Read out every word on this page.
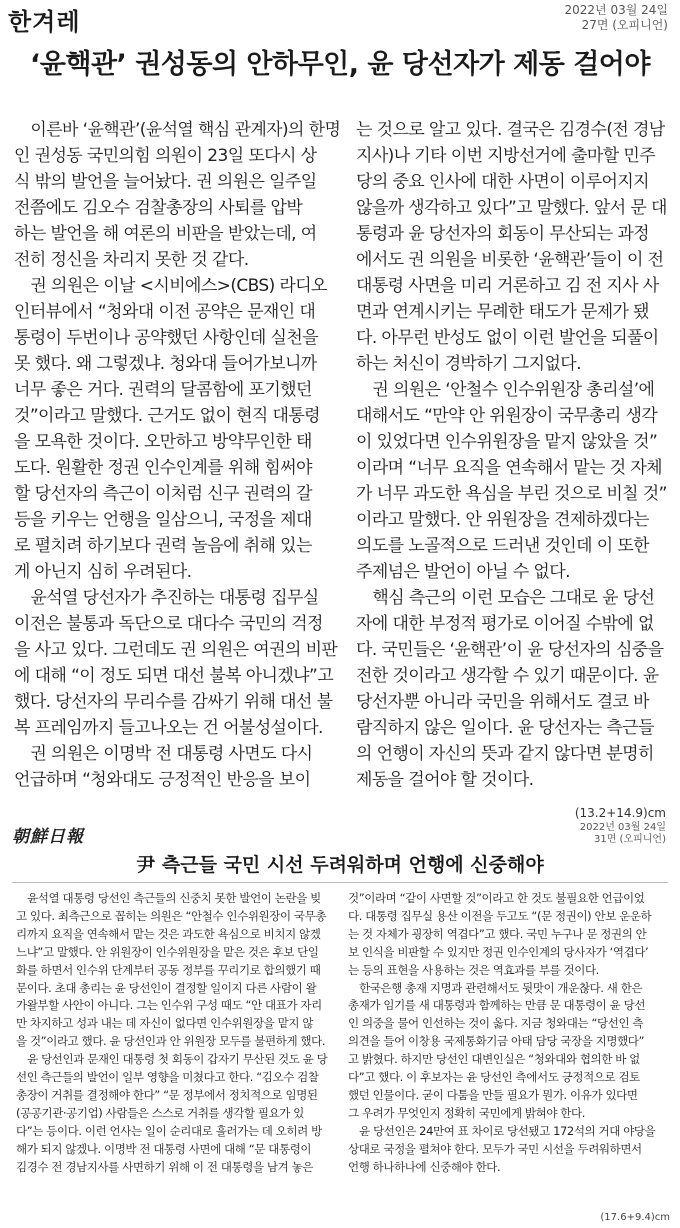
한겨레	2022년 03월 24일
27면 (오피니언)
‘윤핵관’ 권성동의 안하무인, 윤 당선자가 제동 걸어야

　이른바 ‘윤핵관’(윤석열 핵심 관계자)의 한명

인 권성동 국민의힘 의원이 23일 또다시 상

식 밖의 발언을 늘어놨다. 권 의원은 일주일

전쯤에도 김오수 검찰총장의 사퇴를 압박

하는 발언을 해 여론의 비판을 받았는데, 여

전히 정신을 차리지 못한 것 같다.

　권 의원은 이날 <시비에스>(CBS) 라디오

인터뷰에서 “청와대 이전 공약은 문재인 대

통령이 두번이나 공약했던 사항인데 실천을

못 했다. 왜 그렇겠냐. 청와대 들어가보니까

너무 좋은 거다. 권력의 달콤함에 포기했던

것”이라고 말했다. 근거도 없이 현직 대통령

을 모욕한 것이다. 오만하고 방약무인한 태

도다. 원활한 정권 인수인계를 위해 힘써야

할 당선자의 측근이 이처럼 신구 권력의 갈

등을 키우는 언행을 일삼으니, 국정을 제대

로 펼치려 하기보다 권력 놀음에 취해 있는

게 아닌지 심히 우려된다.

　윤석열 당선자가 추진하는 대통령 집무실

이전은 불통과 독단으로 대다수 국민의 걱정

을 사고 있다. 그런데도 권 의원은 여권의 비판

에 대해 “이 정도 되면 대선 불복 아니겠냐”고

했다. 당선자의 무리수를 감싸기 위해 대선 불

복 프레임까지 들고나오는 건 어불성설이다.

　권 의원은 이명박 전 대통령 사면도 다시

언급하며 “청와대도 긍정적인 반응을 보이

는 것으로 알고 있다. 결국은 김경수(전 경남

지사)나 기타 이번 지방선거에 출마할 민주

당의 중요 인사에 대한 사면이 이루어지지

않을까 생각하고 있다”고 말했다. 앞서 문 대

통령과 윤 당선자의 회동이 무산되는 과정

에서도 권 의원을 비롯한 ‘윤핵관’들이 이 전

대통령 사면을 미리 거론하고 김 전 지사 사

면과 연계시키는 무례한 태도가 문제가 됐

다. 아무런 반성도 없이 이런 발언을 되풀이

하는 처신이 경박하기 그지없다.

　권 의원은 ‘안철수 인수위원장 총리설’에

대해서도 “만약 안 위원장이 국무총리 생각

이 있었다면 인수위원장을 맡지 않았을 것”

이라며 “너무 요직을 연속해서 맡는 것 자체

가 너무 과도한 욕심을 부린 것으로 비칠 것”

이라고 말했다. 안 위원장을 견제하겠다는

의도를 노골적으로 드러낸 것인데 이 또한

주제넘은 발언이 아닐 수 없다.

　핵심 측근의 이런 모습은 그대로 윤 당선

자에 대한 부정적 평가로 이어질 수밖에 없

다. 국민들은 ‘윤핵관’이 윤 당선자의 심중을

전한 것이라고 생각할 수 있기 때문이다. 윤

당선자뿐 아니라 국민을 위해서도 결코 바

람직하지 않은 일이다. 윤 당선자는 측근들

의 언행이 자신의 뜻과 같지 않다면 분명히

제동을 걸어야 할 것이다.

(13.2+14.9)cm
朝鮮日報	2022년 03월 24일
31면 (오피니언)
尹 측근들 국민 시선 두려워하며 언행에 신중해야

　윤석열 대통령 당선인 측근들의 신중치 못한 발언이 논란을 빚

고 있다. 최측근으로 꼽히는 의원은 “안철수 인수위원장이 국무총

리까지 요직을 연속해서 맡는 것은 과도한 욕심으로 비치지 않겠

느냐”고 말했다. 안 위원장이 인수위원장을 맡은 것은 후보 단일

화를 하면서 인수위 단계부터 공동 정부를 꾸리기로 합의했기 때

문이다. 초대 총리는 윤 당선인이 결정할 일이지 다른 사람이 왈

가왈부할 사안이 아니다. 그는 인수위 구성 때도 “안 대표가 자리

만 차지하고 성과 내는 데 자신이 없다면 인수위원장을 맡지 않

을 것”이라고 했다. 윤 당선인과 안 위원장 모두를 불편하게 했다.

　윤 당선인과 문재인 대통령 첫 회동이 갑자기 무산된 것도 윤 당

선인 측근들의 발언이 일부 영향을 미쳤다고 한다. “김오수 검찰

총장이 거취를 결정해야 한다” “문 정부에서 정치적으로 임명된

(공공기관·공기업) 사람들은 스스로 거취를 생각할 필요가 있

다”는 등이다. 이런 언사는 일이 순리대로 흘러가는 데 오히려 방

해가 되지 않겠나. 이명박 전 대통령 사면에 대해 “문 대통령이

김경수 전 경남지사를 사면하기 위해 이 전 대통령을 남겨 놓은

것”이라며 “같이 사면할 것”이라고 한 것도 불필요한 언급이었

다. 대통령 집무실 용산 이전을 두고도 “(문 정권이) 안보 운운하

는 것 자체가 굉장히 역겹다”고 했다. 국민 누구나 문 정권의 안

보 인식을 비판할 수 있지만 정권 인수인계의 당사자가 ‘역겹다’

는 등의 표현을 사용하는 것은 역효과를 부를 것이다.

　한국은행 총재 지명과 관련해서도 뒷맛이 개운찮다. 새 한은

총재가 임기를 새 대통령과 함께하는 만큼 문 대통령이 윤 당선

인 의중을 물어 인선하는 것이 옳다. 지금 청와대는 “당선인 측

의견을 들어 이창용 국제통화기금 아태 담당 국장을 지명했다”

고 밝혔다. 하지만 당선인 대변인실은 “청와대와 협의한 바 없

다”고 했다. 이 후보자는 윤 당선인 측에서도 긍정적으로 검토

했던 인물이다. 굳이 다툼을 만들 필요가 뭔가. 이유가 있다면

그 우려가 무엇인지 정확히 국민에게 밝혀야 한다.

　윤 당선인은 24만여 표 차이로 당선됐고 172석의 거대 야당을

상대로 국정을 펼쳐야 한다. 모두가 국민 시선을 두려워하면서

언행 하나하나에 신중해야 한다.

(17.6+9.4)cm
